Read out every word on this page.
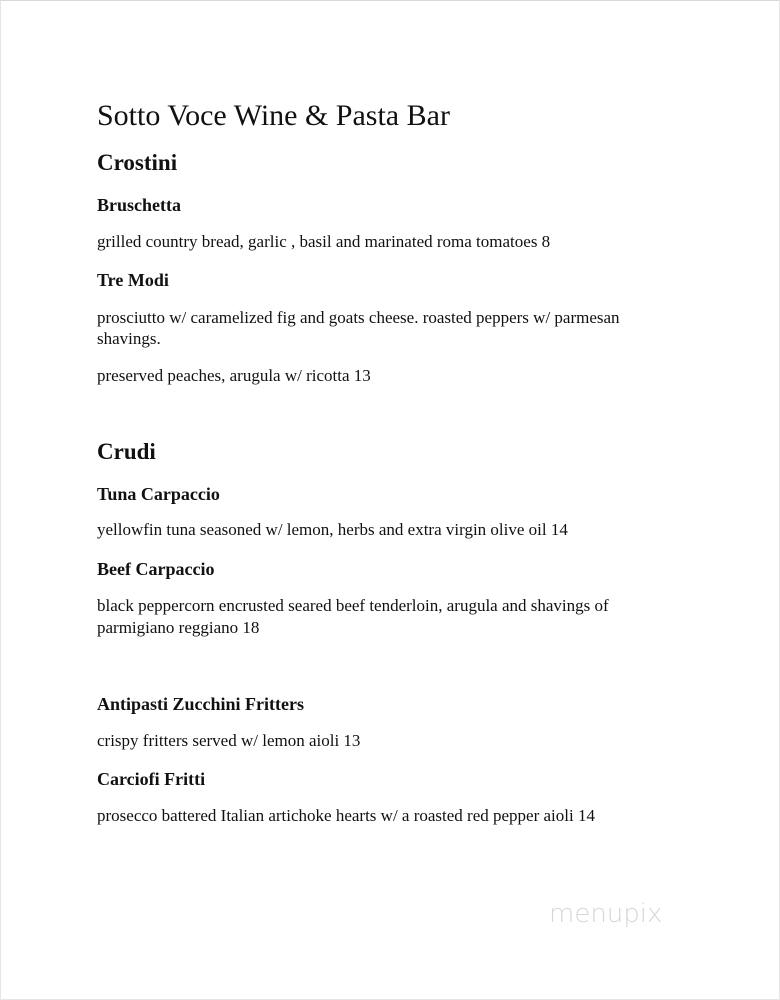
Sotto Voce Wine & Pasta Bar
Crostini
Bruschetta
grilled country bread, garlic , basil and marinated roma tomatoes 8
Tre Modi
prosciutto w/ caramelized fig and goats cheese. roasted peppers w/ parmesan
shavings.
preserved peaches, arugula w/ ricotta 13
Crudi
Tuna Carpaccio
yellowfin tuna seasoned w/ lemon, herbs and extra virgin olive oil 14
Beef Carpaccio
black peppercorn encrusted seared beef tenderloin, arugula and shavings of
parmigiano reggiano 18
Antipasti Zucchini Fritters
crispy fritters served w/ lemon aioli 13
Carciofi Fritti
prosecco battered Italian artichoke hearts w/ a roasted red pepper aioli 14
menupix
